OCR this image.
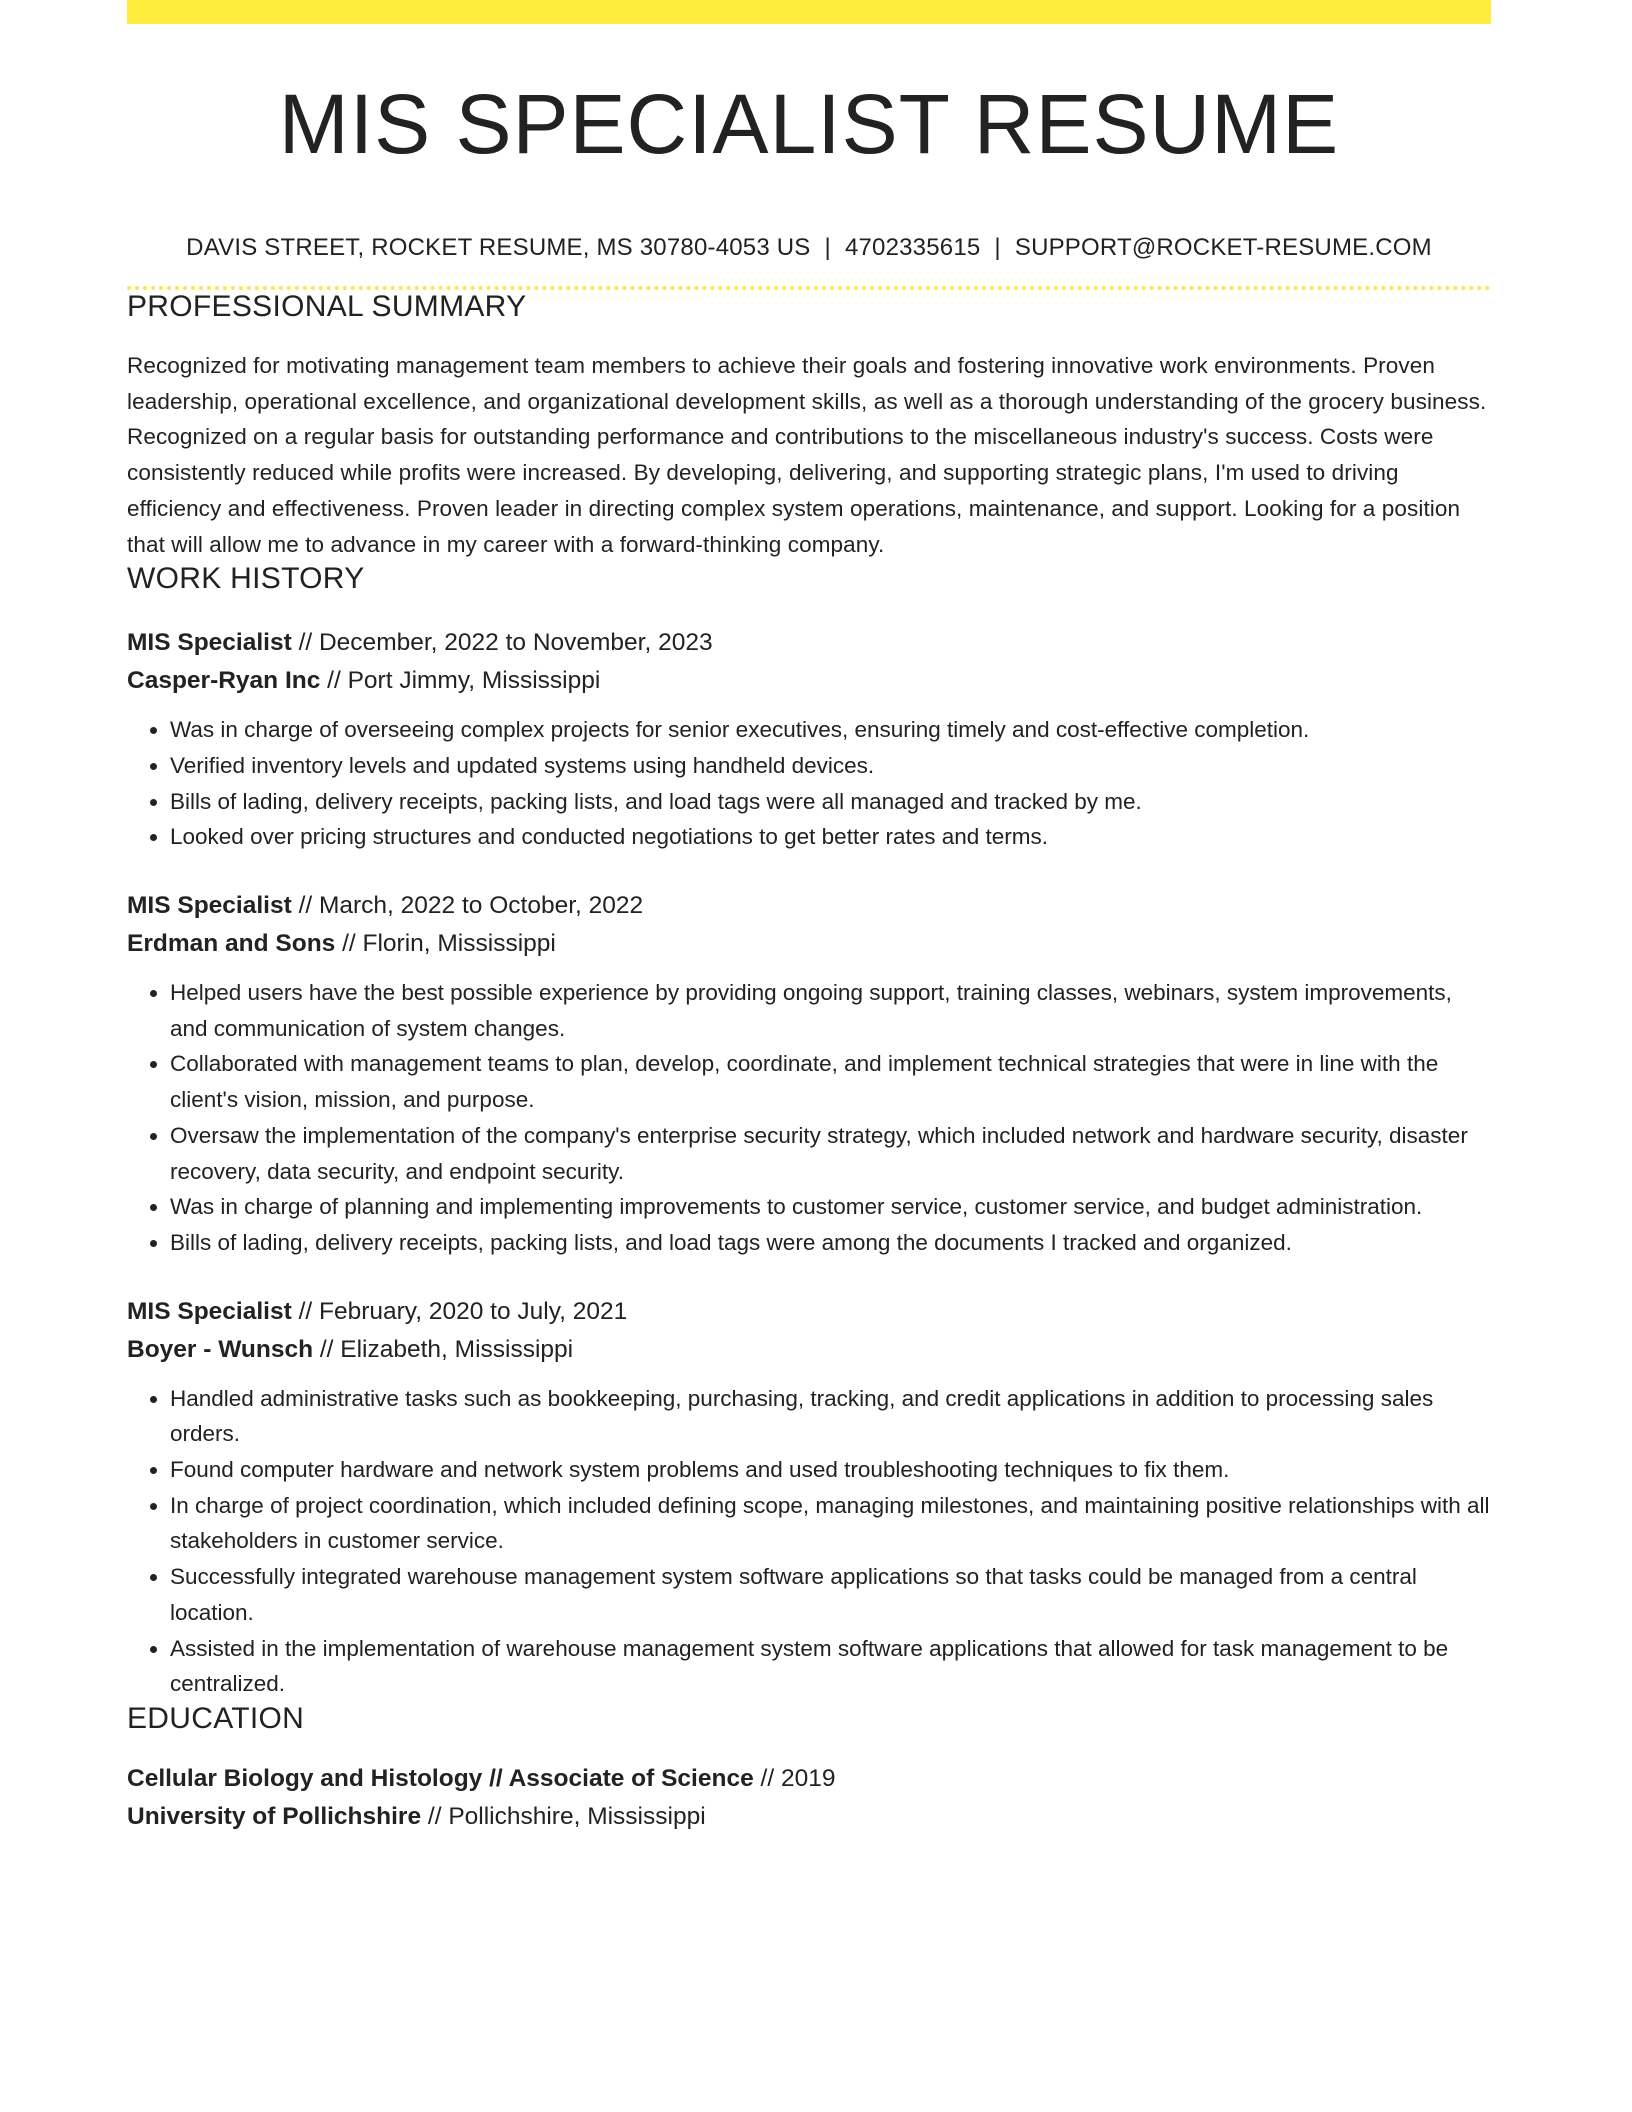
MIS SPECIALIST RESUME
DAVIS STREET, ROCKET RESUME, MS 30780-4053 US | 4702335615 | SUPPORT@ROCKET-RESUME.COM
PROFESSIONAL SUMMARY

Recognized for motivating management team members to achieve their goals and fostering innovative work environments. Proven leadership, operational excellence, and organizational development skills, as well as a thorough understanding of the grocery business. Recognized on a regular basis for outstanding performance and contributions to the miscellaneous industry's success. Costs were consistently reduced while profits were increased. By developing, delivering, and supporting strategic plans, I'm used to driving efficiency and effectiveness. Proven leader in directing complex system operations, maintenance, and support. Looking for a position that will allow me to advance in my career with a forward-thinking company.

WORK HISTORY
MIS Specialist // December, 2022 to November, 2023
Casper-Ryan Inc // Port Jimmy, Mississippi
• Was in charge of overseeing complex projects for senior executives, ensuring timely and cost-effective completion.
• Verified inventory levels and updated systems using handheld devices.
• Bills of lading, delivery receipts, packing lists, and load tags were all managed and tracked by me.
• Looked over pricing structures and conducted negotiations to get better rates and terms.
MIS Specialist // March, 2022 to October, 2022
Erdman and Sons // Florin, Mississippi
• Helped users have the best possible experience by providing ongoing support, training classes, webinars, system improvements, and communication of system changes.
• Collaborated with management teams to plan, develop, coordinate, and implement technical strategies that were in line with the client's vision, mission, and purpose.
• Oversaw the implementation of the company's enterprise security strategy, which included network and hardware security, disaster recovery, data security, and endpoint security.
• Was in charge of planning and implementing improvements to customer service, customer service, and budget administration.
• Bills of lading, delivery receipts, packing lists, and load tags were among the documents I tracked and organized.
MIS Specialist // February, 2020 to July, 2021
Boyer - Wunsch // Elizabeth, Mississippi
• Handled administrative tasks such as bookkeeping, purchasing, tracking, and credit applications in addition to processing sales orders.
• Found computer hardware and network system problems and used troubleshooting techniques to fix them.
• In charge of project coordination, which included defining scope, managing milestones, and maintaining positive relationships with all stakeholders in customer service.
• Successfully integrated warehouse management system software applications so that tasks could be managed from a central location.
• Assisted in the implementation of warehouse management system software applications that allowed for task management to be centralized.
EDUCATION
Cellular Biology and Histology // Associate of Science // 2019
University of Pollichshire // Pollichshire, Mississippi
